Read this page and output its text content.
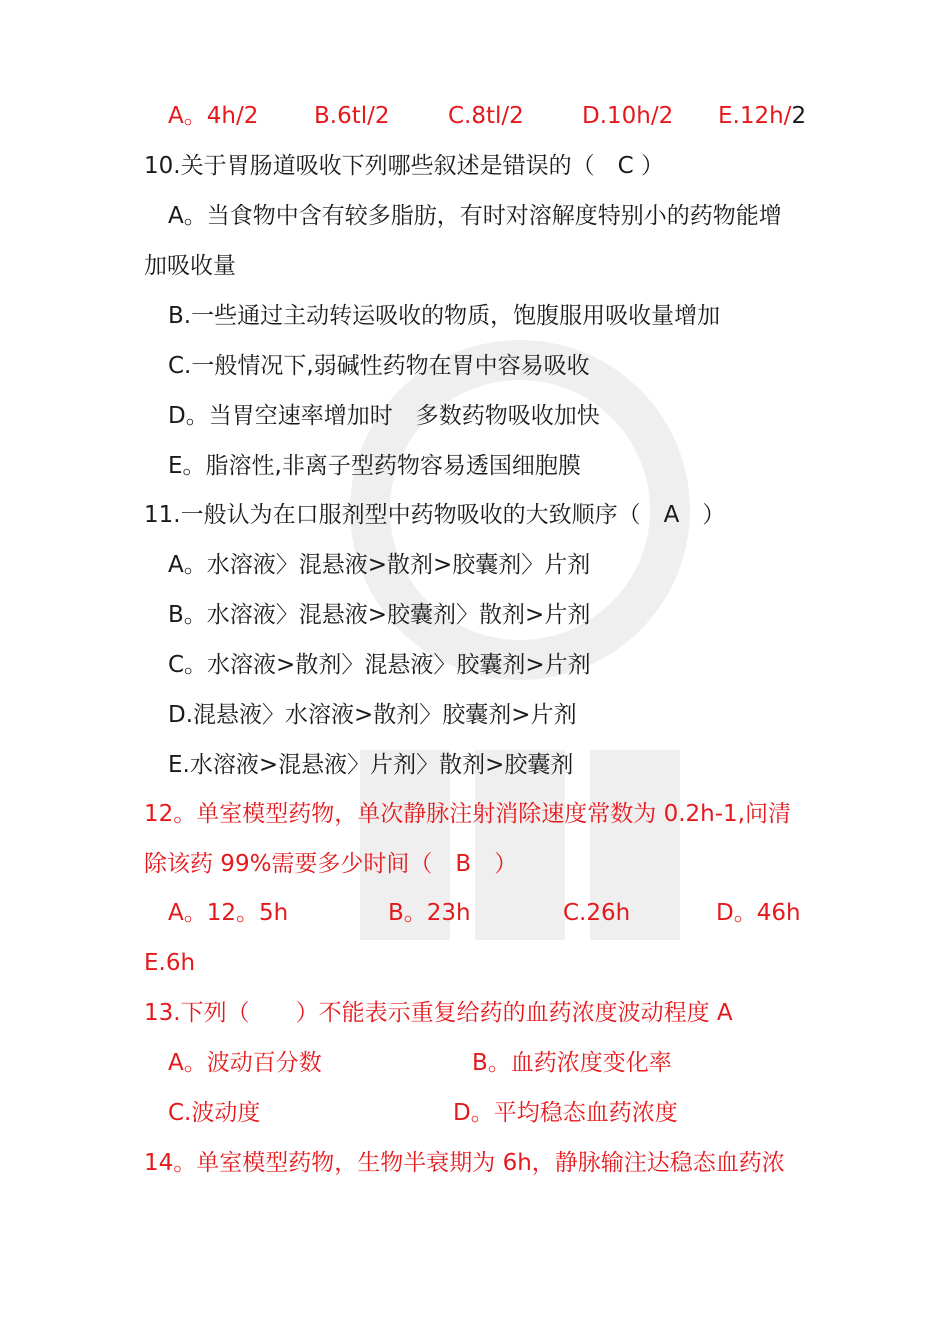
A。4h/2 B.6tl/2	C.8tl/2	D.10h/2 E.12h/2
10.关于胃肠道吸收下列哪些叙述是错误的（　C ）
A。当食物中含有较多脂肪，有时对溶解度特别小的药物能增
加吸收量
B.一些通过主动转运吸收的物质，饱腹服用吸收量增加
C.一般情况下,弱碱性药物在胃中容易吸收
D。当胃空速率增加时　多数药物吸收加快
E。脂溶性,非离子型药物容易透国细胞膜
11.一般认为在口服剂型中药物吸收的大致顺序（　A　）
A。水溶液〉混悬液>散剂>胶囊剂〉片剂
B。水溶液〉混悬液>胶囊剂〉散剂>片剂
C。水溶液>散剂〉混悬液〉胶囊剂>片剂
D.混悬液〉水溶液>散剂〉胶囊剂>片剂
E.水溶液>混悬液〉片剂〉散剂>胶囊剂
12。单室模型药物，单次静脉注射消除速度常数为 0.2h-1,问清
除该药 99%需要多少时间（　B　）
A。12。5h	B。23h	C.26h	D。46h
E.6h
13.下列（　　）不能表示重复给药的血药浓度波动程度 A
A。波动百分数	B。血药浓度变化率
C.波动度	D。平均稳态血药浓度
14。单室模型药物，生物半衰期为 6h，静脉输注达稳态血药浓
